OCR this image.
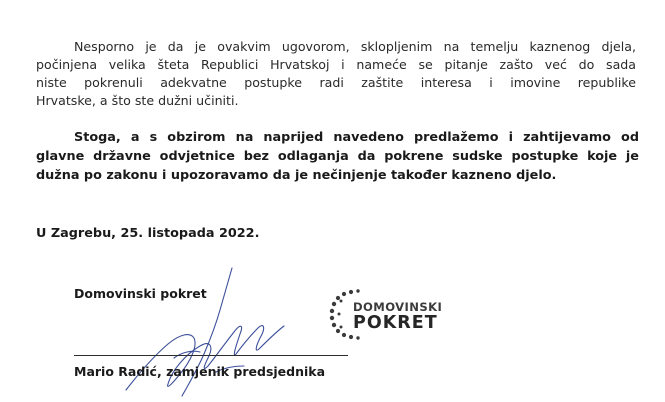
Nesporno je da je ovakvim ugovorom, sklopljenim na temelju kaznenog djela,
počinjena velika šteta Republici Hrvatskoj i nameće se pitanje zašto već do sada
niste pokrenuli adekvatne postupke radi zaštite interesa i imovine republike
Hrvatske, a što ste dužni učiniti.
Stoga, a s obzirom na naprijed navedeno predlažemo i zahtijevamo od
glavne državne odvjetnice bez odlaganja da pokrene sudske postupke koje je
dužna po zakonu i upozoravamo da je nečinjenje također kazneno djelo.
U Zagrebu, 25. listopada 2022.
Domovinski pokret
DOMOVINSKI
POKRET
Mario Radić, zamjenik predsjednika
